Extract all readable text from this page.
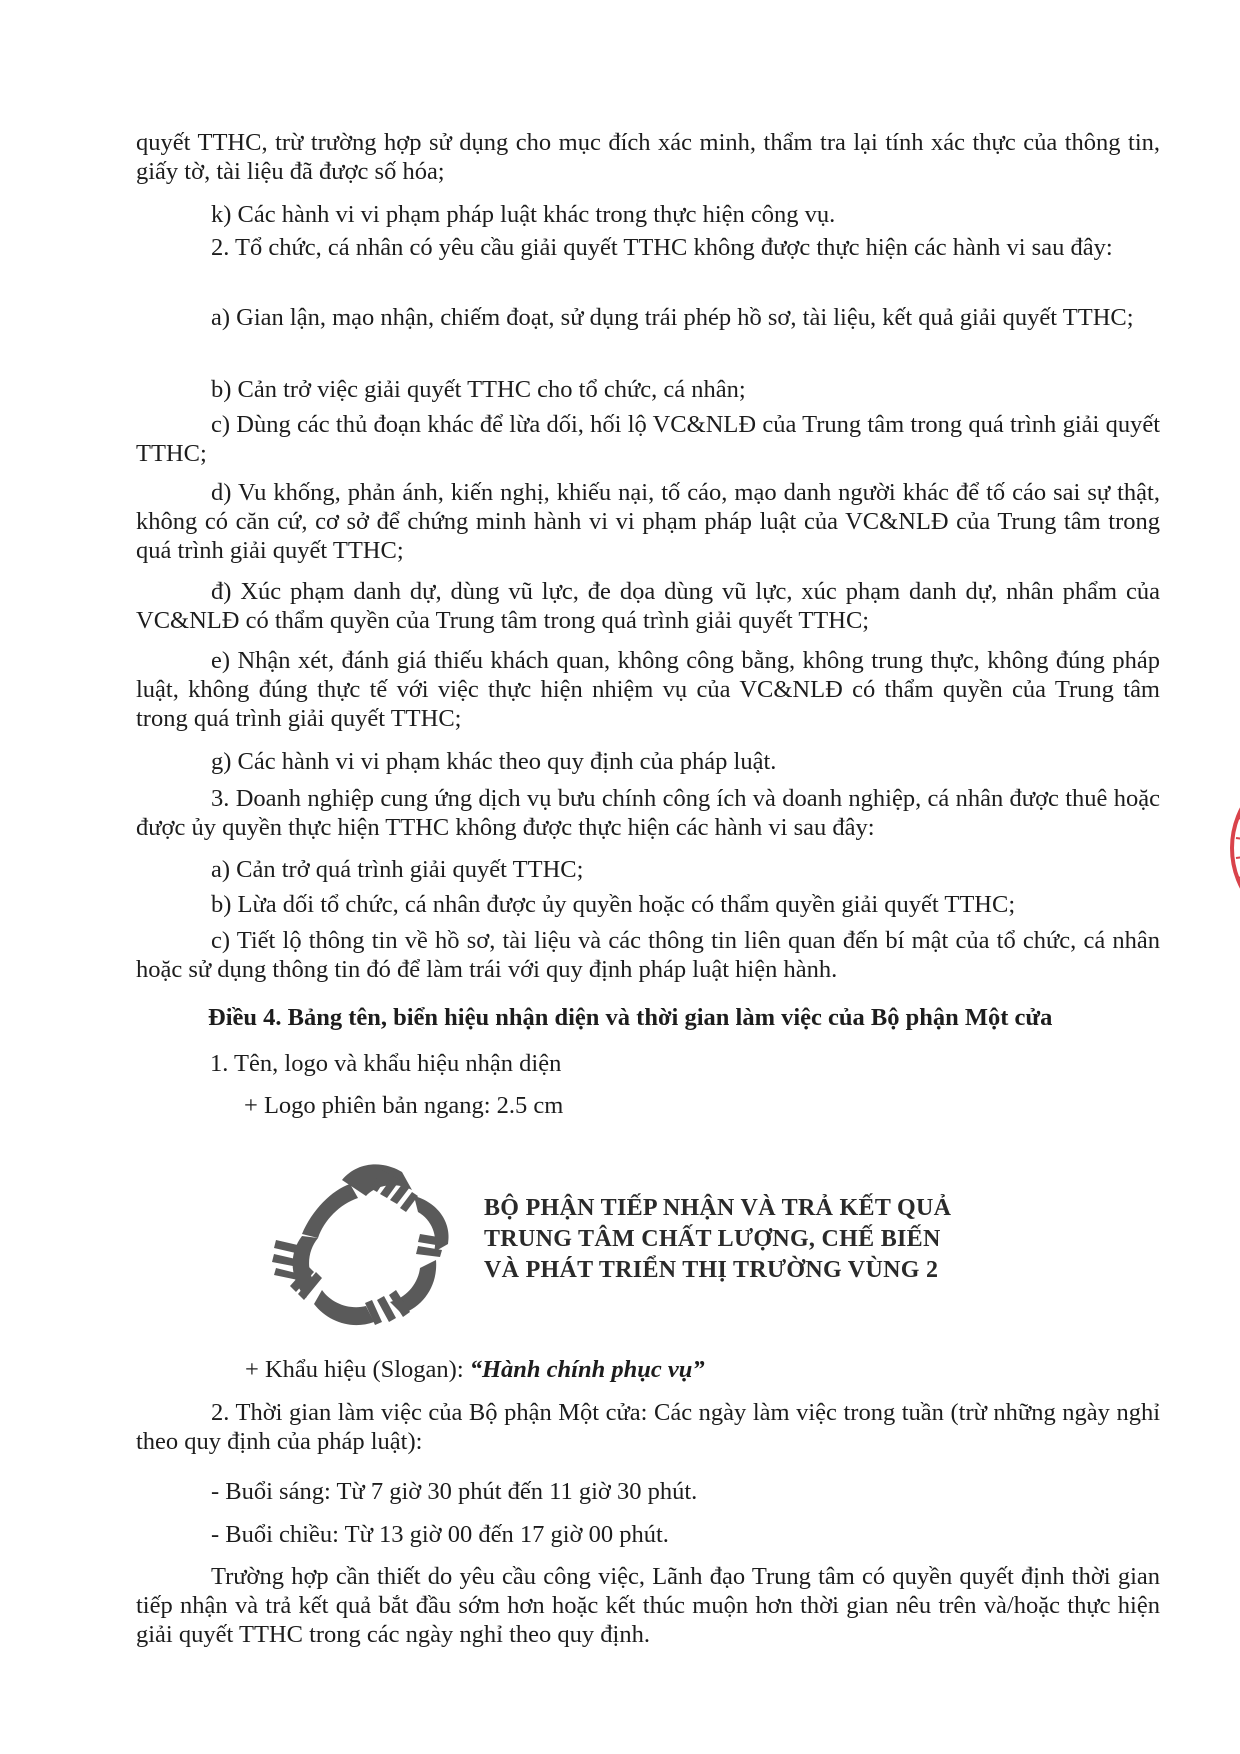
quyết TTHC, trừ trường hợp sử dụng cho mục đích xác minh, thẩm tra lại tính xác thực của thông tin, giấy tờ, tài liệu đã được số hóa;

k) Các hành vi vi phạm pháp luật khác trong thực hiện công vụ.

2. Tổ chức, cá nhân có yêu cầu giải quyết TTHC không được thực hiện các hành vi sau đây:

a) Gian lận, mạo nhận, chiếm đoạt, sử dụng trái phép hồ sơ, tài liệu, kết quả giải quyết TTHC;

b) Cản trở việc giải quyết TTHC cho tổ chức, cá nhân;

c) Dùng các thủ đoạn khác để lừa dối, hối lộ VC&NLĐ của Trung tâm trong quá trình giải quyết TTHC;

d) Vu khống, phản ánh, kiến nghị, khiếu nại, tố cáo, mạo danh người khác để tố cáo sai sự thật, không có căn cứ, cơ sở để chứng minh hành vi vi phạm pháp luật của VC&NLĐ của Trung tâm trong quá trình giải quyết TTHC;

đ) Xúc phạm danh dự, dùng vũ lực, đe dọa dùng vũ lực, xúc phạm danh dự, nhân phẩm của VC&NLĐ có thẩm quyền của Trung tâm trong quá trình giải quyết TTHC;

e) Nhận xét, đánh giá thiếu khách quan, không công bằng, không trung thực, không đúng pháp luật, không đúng thực tế với việc thực hiện nhiệm vụ của VC&NLĐ có thẩm quyền của Trung tâm trong quá trình giải quyết TTHC;

g) Các hành vi vi phạm khác theo quy định của pháp luật.

3. Doanh nghiệp cung ứng dịch vụ bưu chính công ích và doanh nghiệp, cá nhân được thuê hoặc được ủy quyền thực hiện TTHC không được thực hiện các hành vi sau đây:

a) Cản trở quá trình giải quyết TTHC;

b) Lừa dối tổ chức, cá nhân được ủy quyền hoặc có thẩm quyền giải quyết TTHC;

c) Tiết lộ thông tin về hồ sơ, tài liệu và các thông tin liên quan đến bí mật của tổ chức, cá nhân hoặc sử dụng thông tin đó để làm trái với quy định pháp luật hiện hành.

Điều 4. Bảng tên, biển hiệu nhận diện và thời gian làm việc của Bộ phận Một cửa

1. Tên, logo và khẩu hiệu nhận diện

+ Logo phiên bản ngang: 2.5 cm

BỘ PHẬN TIẾP NHẬN VÀ TRẢ KẾT QUẢ
TRUNG TÂM CHẤT LƯỢNG, CHẾ BIẾN
VÀ PHÁT TRIỂN THỊ TRƯỜNG VÙNG 2

+ Khẩu hiệu (Slogan): “Hành chính phục vụ”

2. Thời gian làm việc của Bộ phận Một cửa: Các ngày làm việc trong tuần (trừ những ngày nghỉ theo quy định của pháp luật):

- Buổi sáng: Từ 7 giờ 30 phút đến 11 giờ 30 phút.

- Buổi chiều: Từ 13 giờ 00 đến 17 giờ 00 phút.

Trường hợp cần thiết do yêu cầu công việc, Lãnh đạo Trung tâm có quyền quyết định thời gian tiếp nhận và trả kết quả bắt đầu sớm hơn hoặc kết thúc muộn hơn thời gian nêu trên và/hoặc thực hiện giải quyết TTHC trong các ngày nghỉ theo quy định.
